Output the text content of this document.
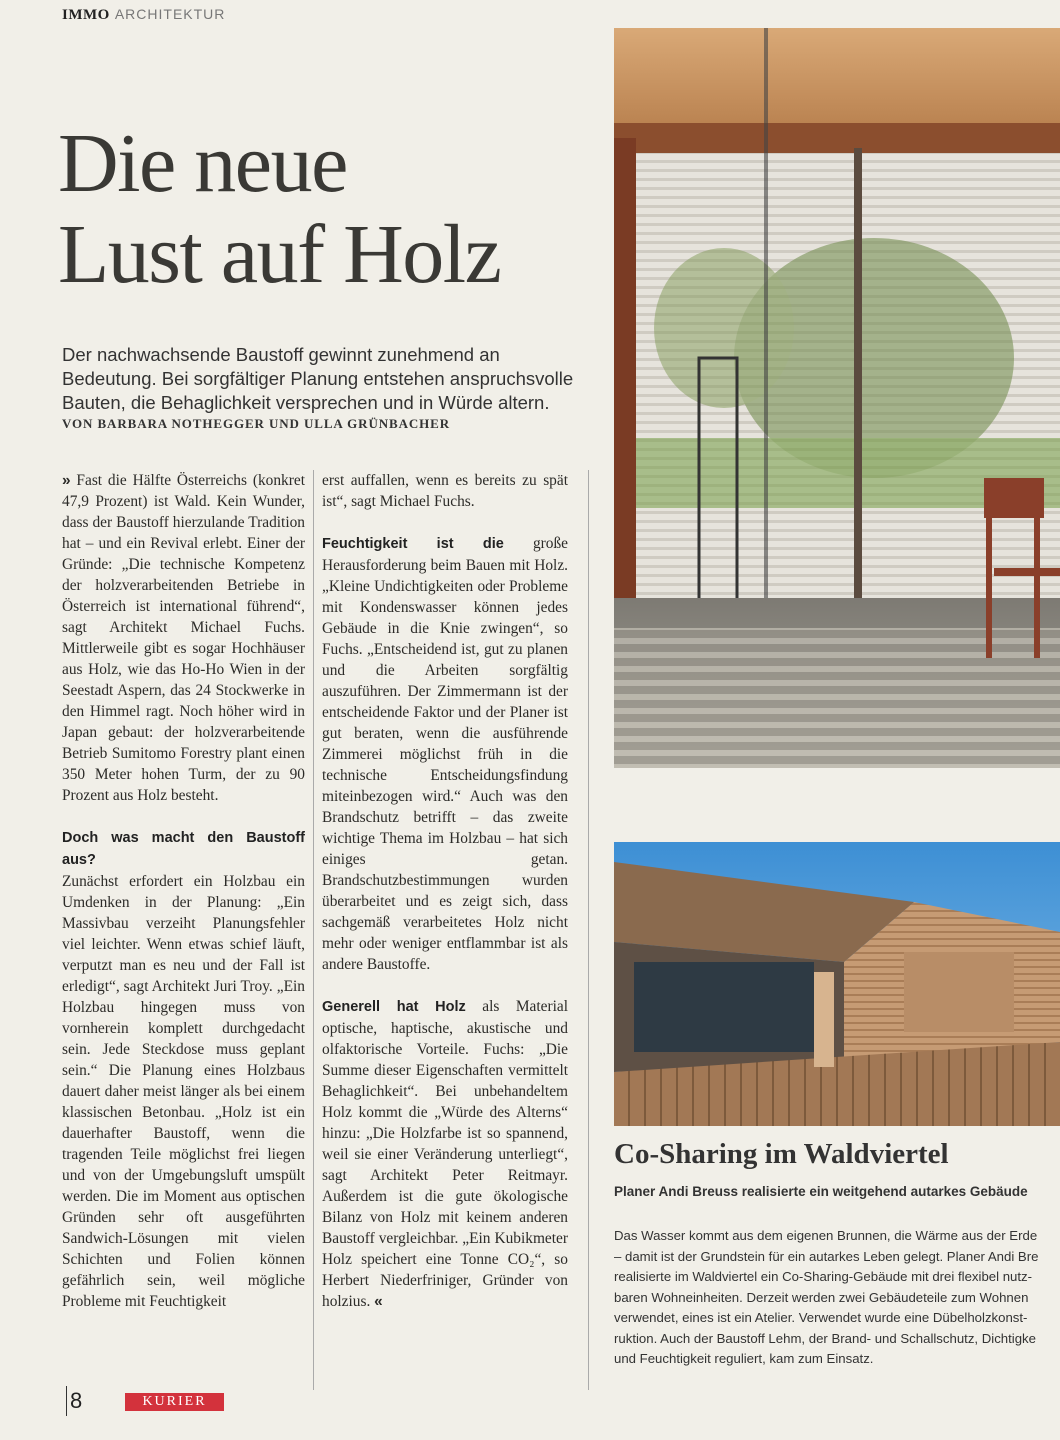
IMMO ARCHITEKTUR
Die neue
Lust auf Holz
Der nachwachsende Baustoff gewinnt zunehmend an Bedeutung. Bei sorgfältiger Planung entstehen anspruchsvolle Bauten, die Behaglichkeit versprechen und in Würde altern.
VON BARBARA NOTHEGGER UND ULLA GRÜNBACHER

» Fast die Hälfte Österreichs (konkret 47,9 Prozent) ist Wald. Kein Wunder, dass der Baustoff hierzulande Tradition hat – und ein Revival erlebt. Einer der Gründe: „Die technische Kompetenz der holzverarbeitenden Betriebe in Österreich ist international führend“, sagt Architekt Michael Fuchs. Mittlerweile gibt es sogar Hochhäuser aus Holz, wie das Ho-Ho Wien in der Seestadt Aspern, das 24 Stockwerke in den Himmel ragt. Noch höher wird in Japan gebaut: der holzverarbeitende Betrieb Sumitomo Forestry plant einen 350 Meter hohen Turm, der zu 90 Prozent aus Holz besteht.

Doch was macht den Baustoff aus?
Zunächst erfordert ein Holzbau ein Umdenken in der Planung: „Ein Massivbau verzeiht Planungsfehler viel leichter. Wenn etwas schief läuft, verputzt man es neu und der Fall ist erledigt“, sagt Architekt Juri Troy. „Ein Holzbau hingegen muss von vornherein komplett durchgedacht sein. Jede Steckdose muss geplant sein.“ Die Planung eines Holzbaus dauert daher meist länger als bei einem klassischen Betonbau. „Holz ist ein dauerhafter Baustoff, wenn die tragenden Teile möglichst frei liegen und von der Umgebungsluft umspült werden. Die im Moment aus optischen Gründen sehr oft ausgeführten Sandwich-Lösungen mit vielen Schichten und Folien können gefährlich sein, weil mögliche Probleme mit Feuchtigkeit

erst auffallen, wenn es bereits zu spät ist“, sagt Michael Fuchs.

Feuchtigkeit ist die große Herausforderung beim Bauen mit Holz. „Kleine Undichtigkeiten oder Probleme mit Kondenswasser können jedes Gebäude in die Knie zwingen“, so Fuchs. „Entscheidend ist, gut zu planen und die Arbeiten sorgfältig auszuführen. Der Zimmermann ist der entscheidende Faktor und der Planer ist gut beraten, wenn die ausführende Zimmerei möglichst früh in die technische Entscheidungsfindung miteinbezogen wird.“ Auch was den Brandschutz betrifft – das zweite wichtige Thema im Holzbau – hat sich einiges getan. Brandschutzbestimmungen wurden überarbeitet und es zeigt sich, dass sachgemäß verarbeitetes Holz nicht mehr oder weniger entflammbar ist als andere Baustoffe.

Generell hat Holz als Material optische, haptische, akustische und olfaktorische Vorteile. Fuchs: „Die Summe dieser Eigenschaften vermittelt Behaglichkeit“. Bei unbehandeltem Holz kommt die „Würde des Alterns“ hinzu: „Die Holzfarbe ist so spannend, weil sie einer Veränderung unterliegt“, sagt Architekt Peter Reitmayr. Außerdem ist die gute ökologische Bilanz von Holz mit keinem anderen Baustoff vergleichbar. „Ein Kubikmeter Holz speichert eine Tonne CO₂“, so Herbert Niederfriniger, Gründer von holzius. «

Co-Sharing im Waldviertel
Planer Andi Breuss realisierte ein weitgehend autarkes Gebäude
Das Wasser kommt aus dem eigenen Brunnen, die Wärme aus der Erde
– damit ist der Grundstein für ein autarkes Leben gelegt. Planer Andi Bre
realisierte im Waldviertel ein Co-Sharing-Gebäude mit drei flexibel nutz-
baren Wohneinheiten. Derzeit werden zwei Gebäudeteile zum Wohnen
verwendet, eines ist ein Atelier. Verwendet wurde eine Dübelholzkonst-
ruktion. Auch der Baustoff Lehm, der Brand- und Schallschutz, Dichtigke
und Feuchtigkeit reguliert, kam zum Einsatz.
8	KURIER
